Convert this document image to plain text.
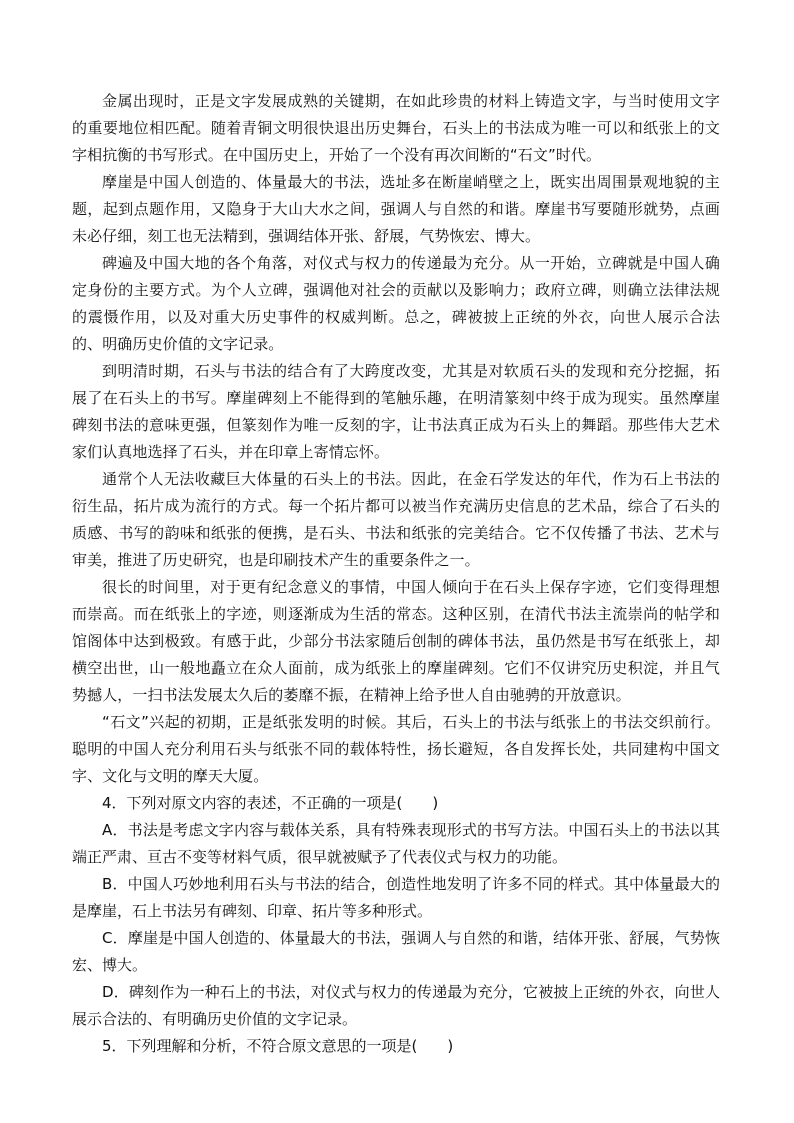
金属出现时，正是文字发展成熟的关键期，在如此珍贵的材料上铸造文字，与当时使用文字的重要地位相匹配。随着青铜文明很快退出历史舞台，石头上的书法成为唯一可以和纸张上的文字相抗衡的书写形式。在中国历史上，开始了一个没有再次间断的“石文”时代。

摩崖是中国人创造的、体量最大的书法，选址多在断崖峭壁之上，既实出周围景观地貌的主题，起到点题作用，又隐身于大山大水之间，强调人与自然的和谐。摩崖书写要随形就势，点画未必仔细，刻工也无法精到，强调结体开张、舒展，气势恢宏、博大。

碑遍及中国大地的各个角落，对仪式与权力的传递最为充分。从一开始，立碑就是中国人确定身份的主要方式。为个人立碑，强调他对社会的贡献以及影响力；政府立碑，则确立法律法规的震慑作用，以及对重大历史事件的权威判断。总之，碑被披上正统的外衣，向世人展示合法的、明确历史价值的文字记录。

到明清时期，石头与书法的结合有了大跨度改变，尤其是对软质石头的发现和充分挖掘，拓展了在石头上的书写。摩崖碑刻上不能得到的笔触乐趣，在明清篆刻中终于成为现实。虽然摩崖碑刻书法的意味更强，但篆刻作为唯一反刻的字，让书法真正成为石头上的舞蹈。那些伟大艺术家们认真地选择了石头，并在印章上寄情忘怀。

通常个人无法收藏巨大体量的石头上的书法。因此，在金石学发达的年代，作为石上书法的衍生品，拓片成为流行的方式。每一个拓片都可以被当作充满历史信息的艺术品，综合了石头的质感、书写的韵味和纸张的便携，是石头、书法和纸张的完美结合。它不仅传播了书法、艺术与审美，推进了历史研究，也是印刷技术产生的重要条件之一。

很长的时间里，对于更有纪念意义的事情，中国人倾向于在石头上保存字迹，它们变得理想而崇高。而在纸张上的字迹，则逐渐成为生活的常态。这种区别，在清代书法主流崇尚的帖学和馆阁体中达到极致。有感于此，少部分书法家随后创制的碑体书法，虽仍然是书写在纸张上，却横空出世，山一般地矗立在众人面前，成为纸张上的摩崖碑刻。它们不仅讲究历史积淀，并且气势撼人，一扫书法发展太久后的萎靡不振，在精神上给予世人自由驰骋的开放意识。

“石文”兴起的初期，正是纸张发明的时候。其后，石头上的书法与纸张上的书法交织前行。聪明的中国人充分利用石头与纸张不同的载体特性，扬长避短，各自发挥长处，共同建构中国文字、文化与文明的摩天大厦。

4．下列对原文内容的表述，不正确的一项是(　　)

A．书法是考虑文字内容与载体关系，具有特殊表现形式的书写方法。中国石头上的书法以其端正严肃、亘古不变等材料气质，很早就被赋予了代表仪式与权力的功能。

B．中国人巧妙地利用石头与书法的结合，创造性地发明了许多不同的样式。其中体量最大的是摩崖，石上书法另有碑刻、印章、拓片等多种形式。

C．摩崖是中国人创造的、体量最大的书法，强调人与自然的和谐，结体开张、舒展，气势恢宏、博大。

D．碑刻作为一种石上的书法，对仪式与权力的传递最为充分，它被披上正统的外衣，向世人展示合法的、有明确历史价值的文字记录。

5．下列理解和分析，不符合原文意思的一项是(　　)
